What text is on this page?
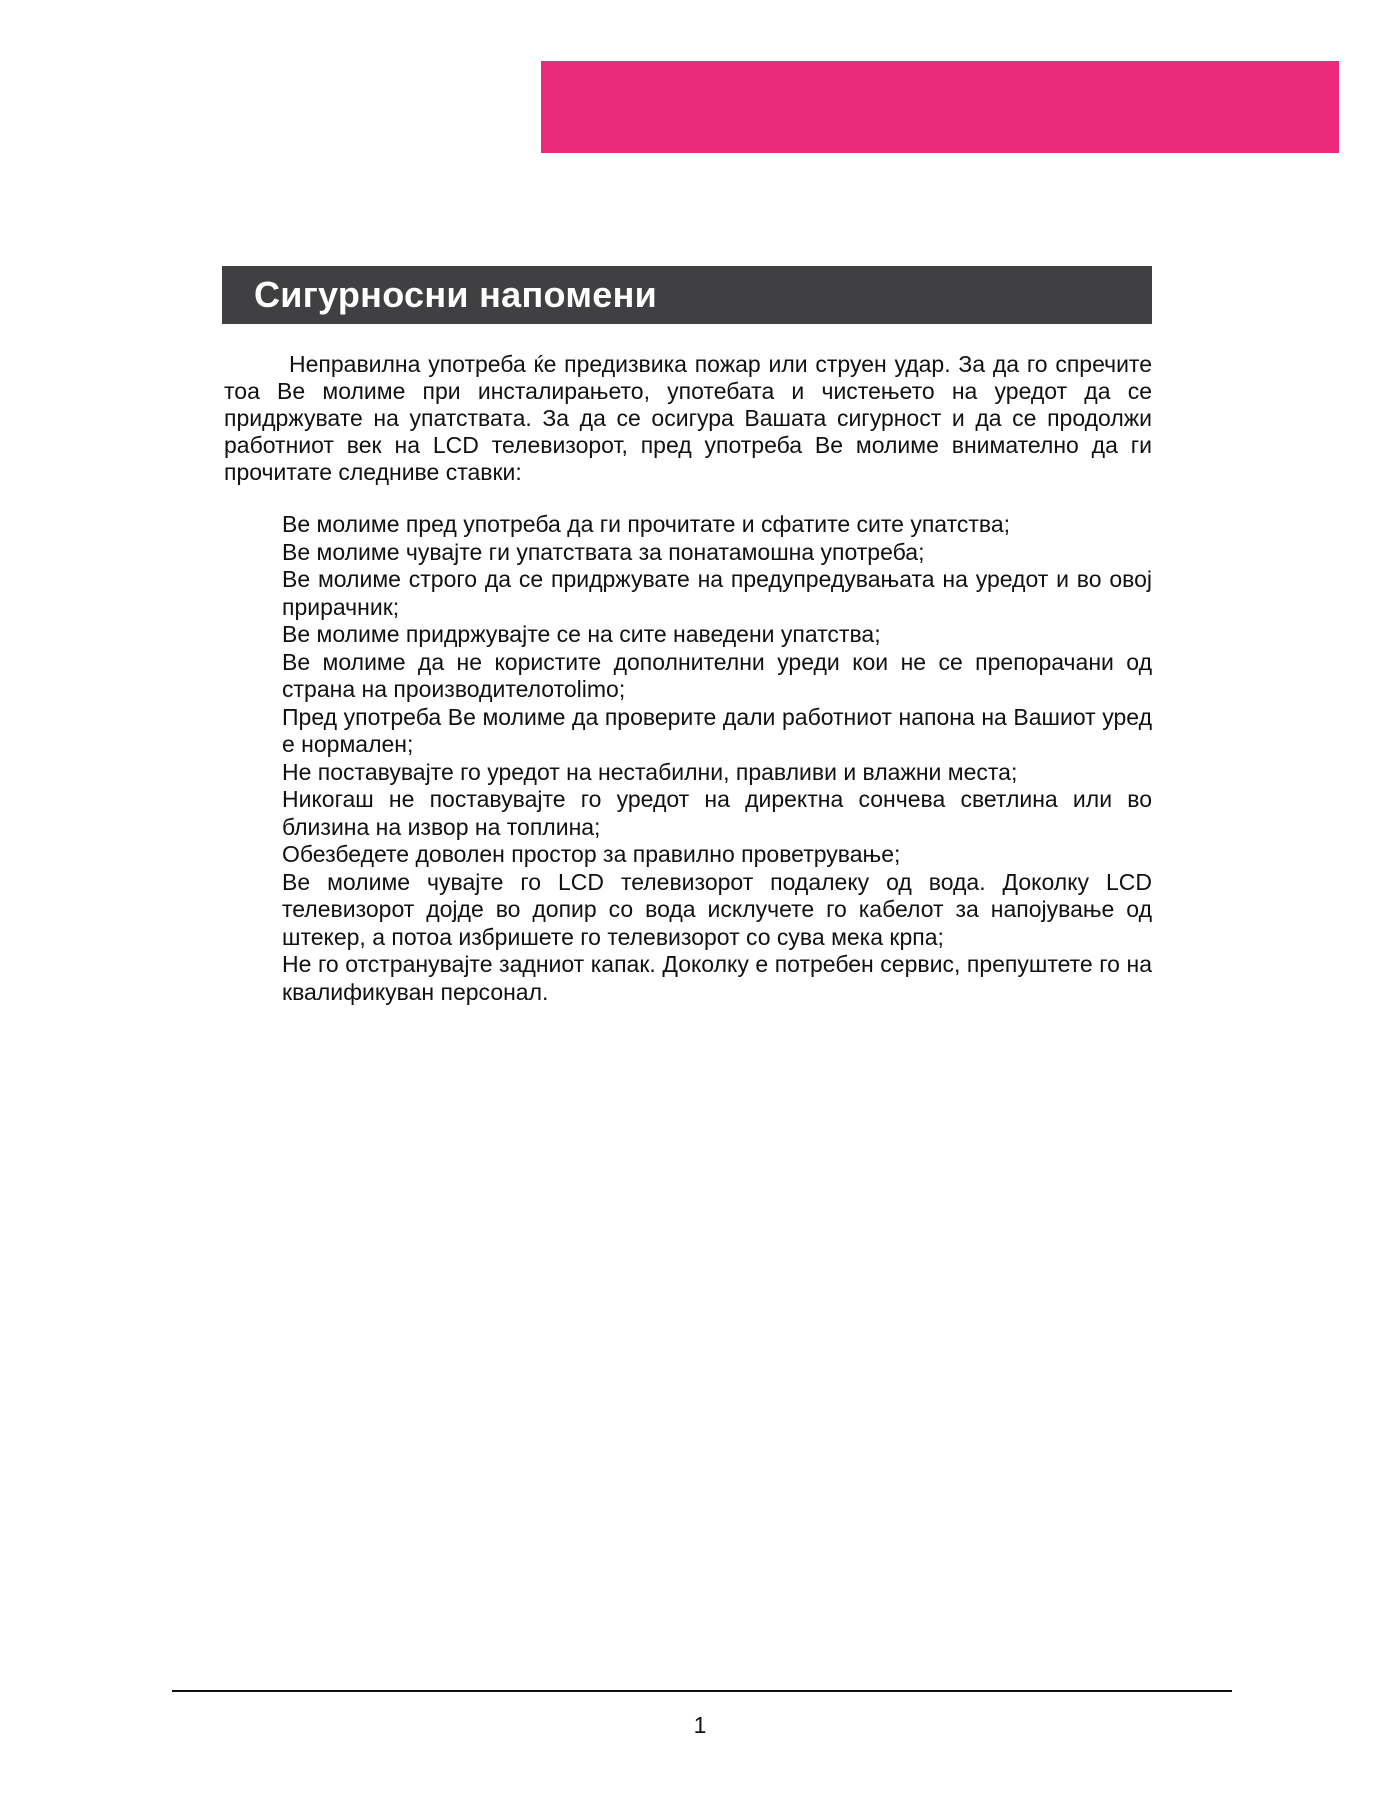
Сигурносни напомени

Неправилна употреба ќе предизвика пожар или струен удар. За да го спречите тоа Ве молиме при инсталирањето, употебата и чистењето на уредот да се придржувате на упатствата. За да се осигура Вашата сигурност и да се продолжи работниот век на LCD телевизорот, пред употреба Ве молиме внимателно да ги прочитате следниве ставки:

Ве молиме пред употреба да ги прочитате и сфатите сите упатства;
Ве молиме чувајте ги упатствата за понатамошна употреба;
Ве молиме строго да се придржувате на предупредувањата на уредот и во овој прирачник;
Ве молиме придржувајте се на сите наведени упатства;
Ве молиме да не користите дополнителни уреди кои не се препорачани од страна на производителотоlimo;
Пред употреба Ве молиме да проверите дали работниот напона на Вашиот уред е нормален;
Не поставувајте го уредот на нестабилни, правливи и влажни места;
Никогаш не поставувајте го уредот на директна сончева светлина или во близина на извор на топлина;
Обезбедете доволен простор за правилно проветрување;
Ве молиме чувајте го LCD телевизорот подалеку од вода. Доколку LCD телевизорот дојде во допир со вода исклучете го кабелот за напојување од штекер, а потоа избришете го телевизорот со сува мека крпа;
Не го отстранувајте задниот капак. Доколку е потребен сервис, препуштете го на квалификуван персонал.
1
